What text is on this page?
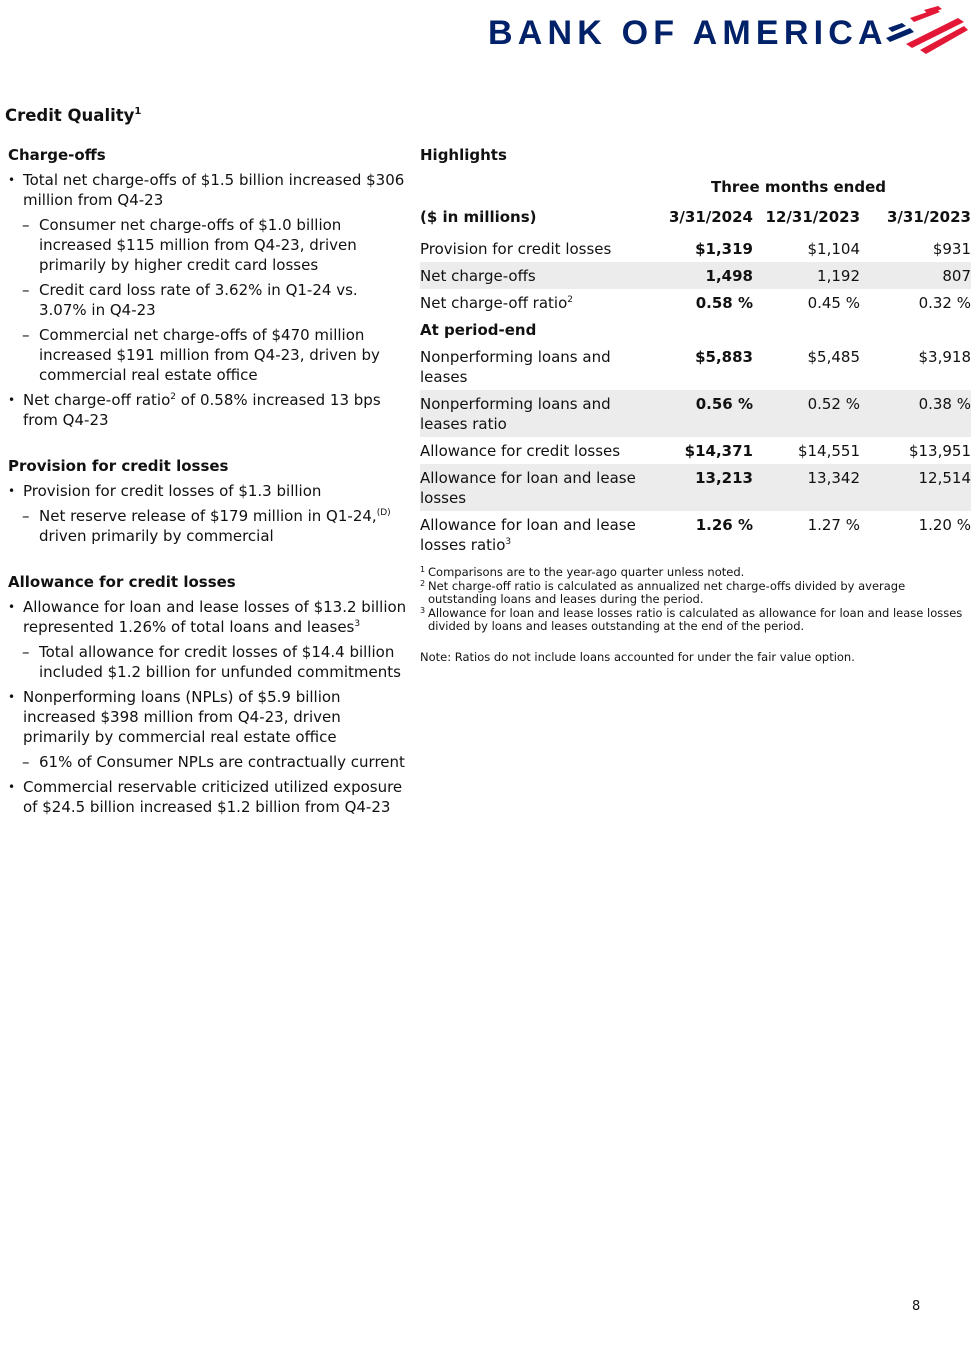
BANK OF AMERICA
Credit Quality$^1$
Charge-offs
• Total net charge-offs of $1.5 billion increased $306 million from Q4-23
– Consumer net charge-offs of $1.0 billion increased $115 million from Q4-23, driven primarily by higher credit card losses
– Credit card loss rate of 3.62% in Q1-24 vs. 3.07% in Q4-23
– Commercial net charge-offs of $470 million increased $191 million from Q4-23, driven by commercial real estate office
• Net charge-off ratio$^2$ of 0.58% increased 13 bps from Q4-23
Provision for credit losses
• Provision for credit losses of $1.3 billion
– Net reserve release of $179 million in Q1-24,$^{(D)}$ driven primarily by commercial
Allowance for credit losses
• Allowance for loan and lease losses of $13.2 billion represented 1.26% of total loans and leases$^3$
– Total allowance for credit losses of $14.4 billion included $1.2 billion for unfunded commitments
• Nonperforming loans (NPLs) of $5.9 billion increased $398 million from Q4-23, driven primarily by commercial real estate office
– 61% of Consumer NPLs are contractually current
• Commercial reservable criticized utilized exposure of $24.5 billion increased $1.2 billion from Q4-23
Highlights
Three months ended
($ in millions)	3/31/2024	12/31/2023	3/31/2023
Provision for credit losses	$1,319	$1,104	$931
Net charge-offs	1,498	1,192	807
Net charge-off ratio$^2$	0.58 %	0.45 %	0.32 %
At period-end			
Nonperforming loans and leases	$5,883	$5,485	$3,918
Nonperforming loans and leases ratio	0.56 %	0.52 %	0.38 %
Allowance for credit losses	$14,371	$14,551	$13,951
Allowance for loan and lease losses	13,213	13,342	12,514
Allowance for loan and lease losses ratio$^3$	1.26 %	1.27 %	1.20 %
1 Comparisons are to the year-ago quarter unless noted.
2 Net charge-off ratio is calculated as annualized net charge-offs divided by average outstanding loans and leases during the period.
3 Allowance for loan and lease losses ratio is calculated as allowance for loan and lease losses divided by loans and leases outstanding at the end of the period.
Note: Ratios do not include loans accounted for under the fair value option.
8
